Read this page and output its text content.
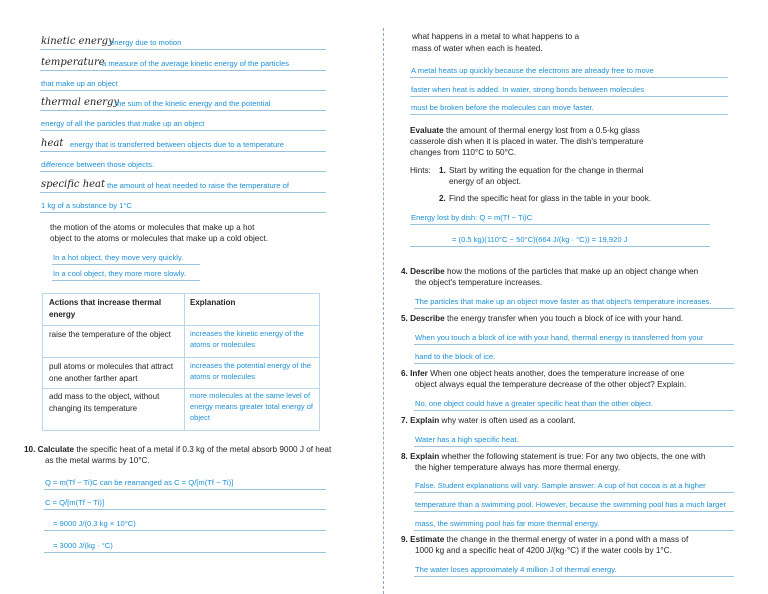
kinetic energy
energy due to motion
temperature
a measure of the average kinetic energy of the particles
that make up an object
thermal energy
the sum of the kinetic energy and the potential
energy of all the particles that make up an object
heat energy that is transferred between objects due to a temperature
difference between those objects.
specific heat the amount of heat needed to raise the temperature of
1 kg of a substance by 1°C
the motion of the atoms or molecules that make up a hot
object to the atoms or molecules that make up a cold object.
In a hot object, they move very quickly.
In a cool object, they more more slowly.
Actions that increase thermal energy
Explanation
raise the temperature of the object	increases the kinetic energy of the atoms or molecules
pull atoms or molecules that attract one another farther apart
increases the potential energy of the atoms or molecules
add mass to the object, without changing its temperature
more molecules at the same level of energy means greater total energy of object
10. Calculate the specific heat of a metal if 0.3 kg of the metal absorb 9000 J of heat
as the metal warms by 10°C.
Q = m(Tf − Ti)C can be rearranged as C = Q/[m(Tf − Ti)]
C = Q/[m(Tf − Ti)]
= 9000 J/(0.3 kg × 10°C)
= 3000 J/(kg · °C)
what happens in a metal to what happens to a
mass of water when each is heated.
A metal heats up quickly because the electrons are already free to move
faster when heat is added. In water, strong bonds between molecules
must be broken before the molecules can move faster.
Evaluate the amount of thermal energy lost from a 0.5-kg glass
casserole dish when it is placed in water. The dish's temperature
changes from 110°C to 50°C.
Hints: 1. Start by writing the equation for the change in thermal
energy of an object.
2. Find the specific heat for glass in the table in your book.
Energy lost by dish: Q = m(Tf − Ti)C
= (0.5 kg)(110°C − 50°C)(664 J/(kg · °C)) = 19,920 J
4. Describe how the motions of the particles that make up an object change when
the object's temperature increases.
The particles that make up an object move faster as that object's temperature increases.
5. Describe the energy transfer when you touch a block of ice with your hand.
When you touch a block of ice with your hand, thermal energy is transferred from your
hand to the block of ice.
6. Infer When one object heats another, does the temperature increase of one
object always equal the temperature decrease of the other object? Explain.
No, one object could have a greater specific heat than the other object.
7. Explain why water is often used as a coolant.
Water has a high specific heat.
8. Explain whether the following statement is true: For any two objects, the one with
the higher temperature always has more thermal energy.
False. Student explanations will vary. Sample answer: A cup of hot cocoa is at a higher
temperature than a swimming pool. However, because the swimming pool has a much larger
mass, the swimming pool has far more thermal energy.
9. Estimate the change in the thermal energy of water in a pond with a mass of
1000 kg and a specific heat of 4200 J/(kg·°C) if the water cools by 1°C.
The water loses approximately 4 million J of thermal energy.
